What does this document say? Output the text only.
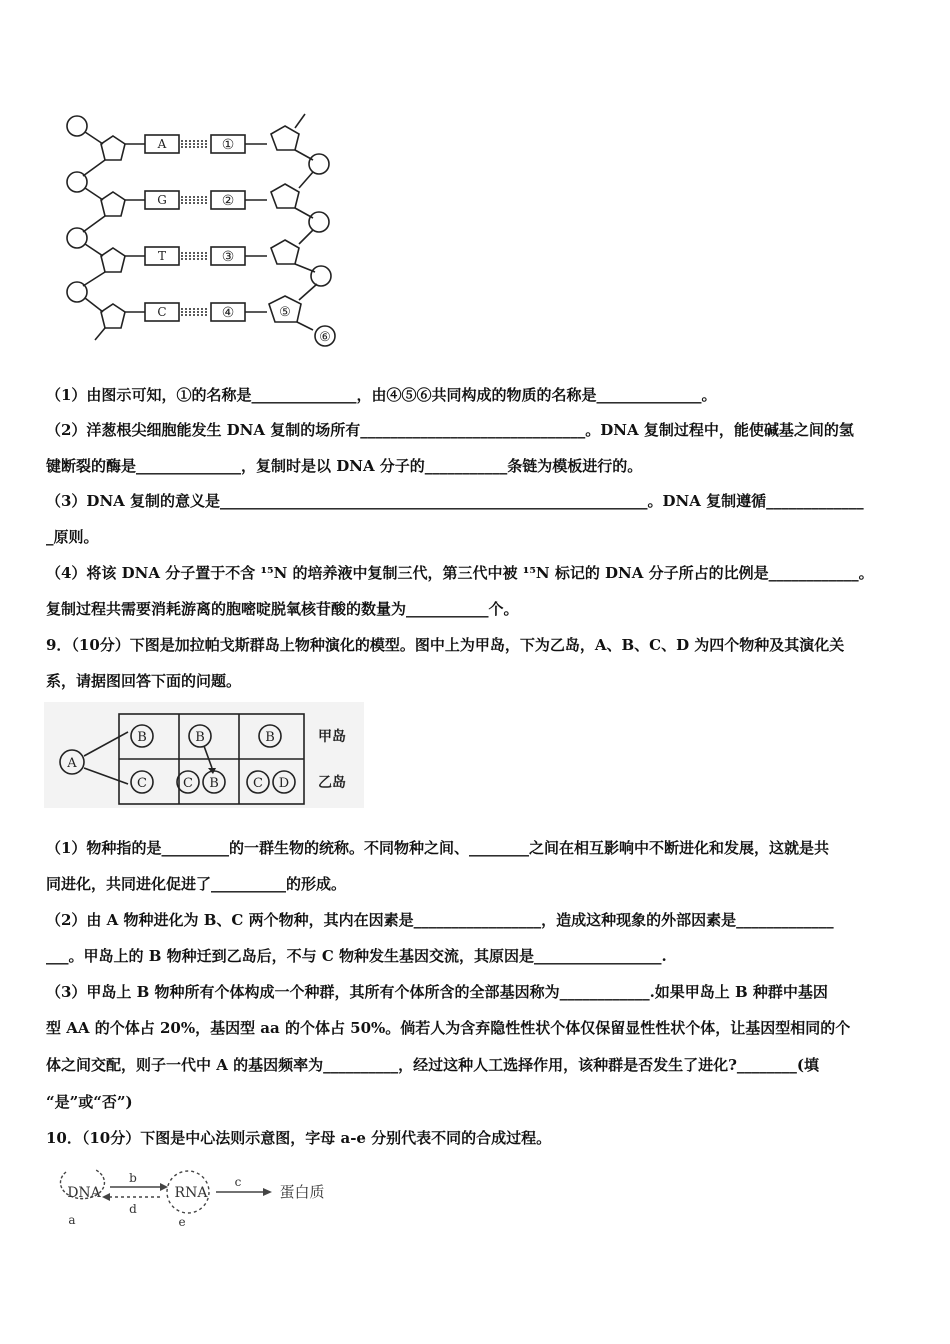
A
G
T
C
①
②
③
④	⑤
⑥
（1）由图示可知，①的名称是______________，由④⑤⑥共同构成的物质的名称是______________。
（2）洋葱根尖细胞能发生 DNA 复制的场所有______________________________。DNA 复制过程中，能使碱基之间的氢
键断裂的酶是______________，复制时是以 DNA 分子的___________条链为模板进行的。
（3）DNA 复制的意义是_________________________________________________________。DNA 复制遵循_____________
_原则。
（4）将该 DNA 分子置于不含 ¹⁵N 的培养液中复制三代，第三代中被 ¹⁵N 标记的 DNA 分子所占的比例是____________。
复制过程共需要消耗游离的胞嘧啶脱氧核苷酸的数量为___________个。
9．（10分）下图是加拉帕戈斯群岛上物种演化的模型。图中上为甲岛，下为乙岛，A、B、C、D 为四个物种及其演化关
系，请据图回答下面的问题。
A
B	B	B
C	C B	C D
甲岛
乙岛
（1）物种指的是_________的一群生物的统称。不同物种之间、________之间在相互影响中不断进化和发展，这就是共
同进化，共同进化促进了__________的形成。
（2）由 A 物种进化为 B、C 两个物种，其内在因素是_________________，造成这种现象的外部因素是_____________
___。甲岛上的 B 物种迁到乙岛后，不与 C 物种发生基因交流，其原因是_________________.
（3）甲岛上 B 物种所有个体构成一个种群，其所有个体所含的全部基因称为____________.如果甲岛上 B 种群中基因
型 AA 的个体占 20%，基因型 aa 的个体占 50%。倘若人为含弃隐性性状个体仅保留显性性状个体，让基因型相同的个
体之间交配，则子一代中 A 的基因频率为__________，经过这种人工选择作用，该种群是否发生了进化?________(填
“是”或“否”)
10．（10分）下图是中心法则示意图，字母 a-e 分别代表不同的合成过程。
DNA	RNA	蛋白质
a
b	c
d
e
